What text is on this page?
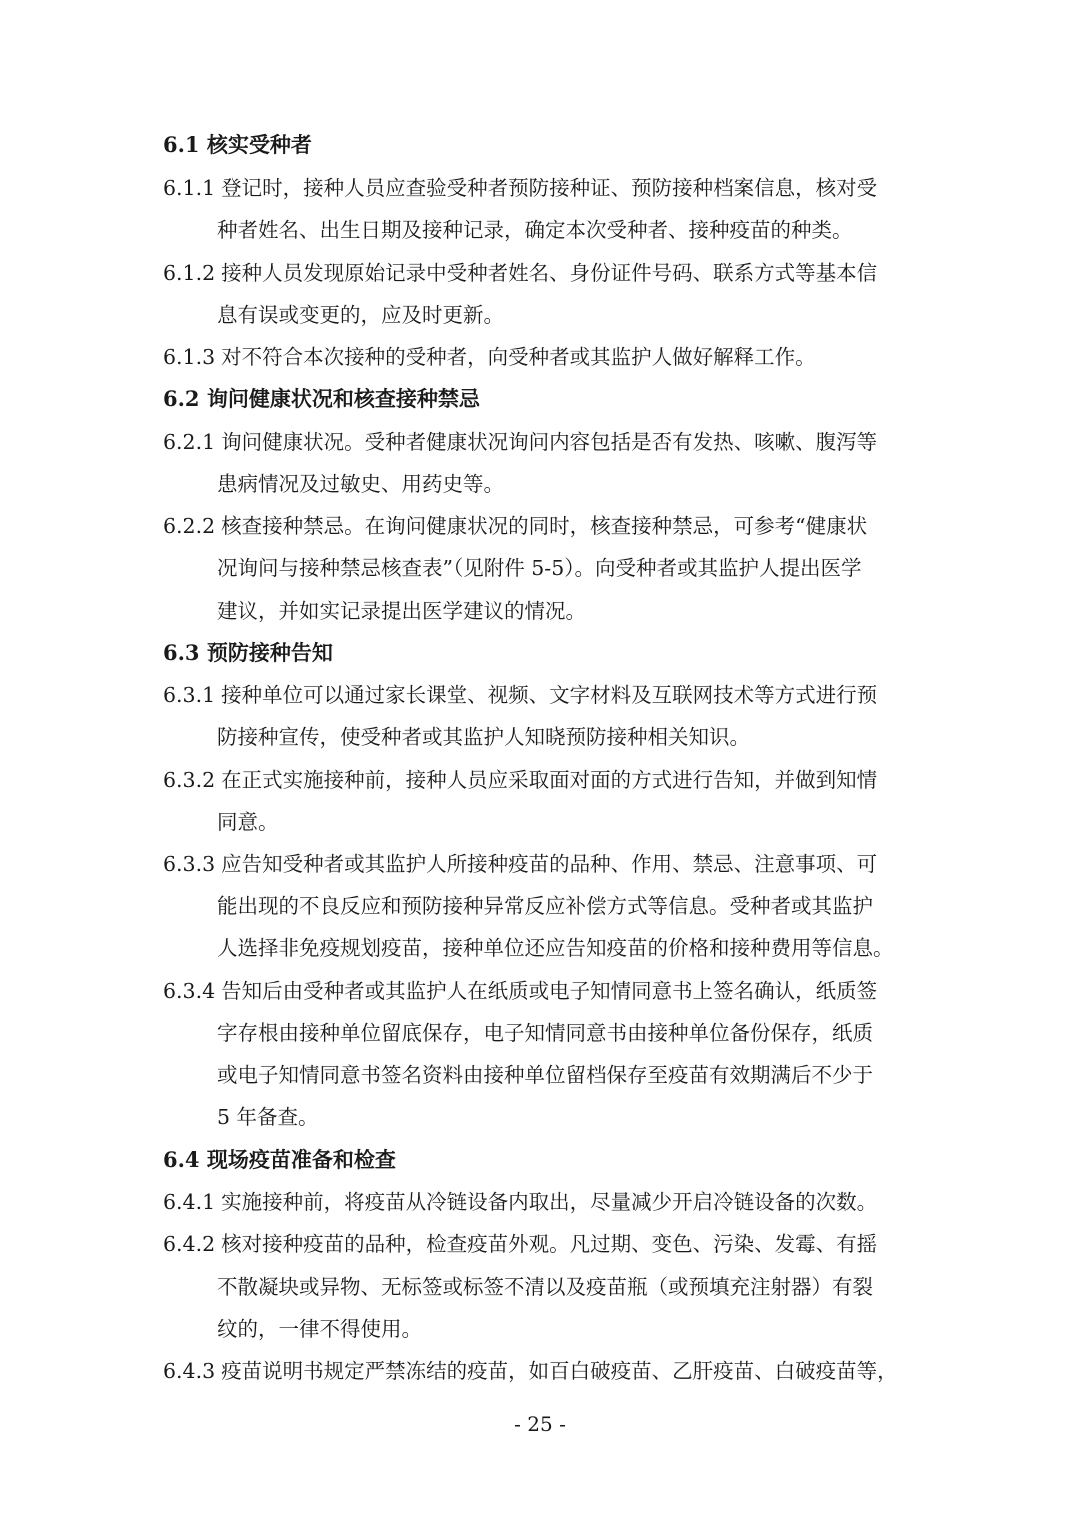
6.1 核实受种者
6.1.1 登记时，接种人员应查验受种者预防接种证、预防接种档案信息，核对受
种者姓名、出生日期及接种记录，确定本次受种者、接种疫苗的种类。
6.1.2 接种人员发现原始记录中受种者姓名、身份证件号码、联系方式等基本信
息有误或变更的，应及时更新。
6.1.3 对不符合本次接种的受种者，向受种者或其监护人做好解释工作。
6.2 询问健康状况和核查接种禁忌
6.2.1 询问健康状况。受种者健康状况询问内容包括是否有发热、咳嗽、腹泻等
患病情况及过敏史、用药史等。
6.2.2 核查接种禁忌。在询问健康状况的同时，核查接种禁忌，可参考“健康状
况询问与接种禁忌核查表”（见附件 5-5）。向受种者或其监护人提出医学
建议，并如实记录提出医学建议的情况。
6.3 预防接种告知
6.3.1 接种单位可以通过家长课堂、视频、文字材料及互联网技术等方式进行预
防接种宣传，使受种者或其监护人知晓预防接种相关知识。
6.3.2 在正式实施接种前，接种人员应采取面对面的方式进行告知，并做到知情
同意。
6.3.3 应告知受种者或其监护人所接种疫苗的品种、作用、禁忌、注意事项、可
能出现的不良反应和预防接种异常反应补偿方式等信息。受种者或其监护
人选择非免疫规划疫苗，接种单位还应告知疫苗的价格和接种费用等信息。
6.3.4 告知后由受种者或其监护人在纸质或电子知情同意书上签名确认，纸质签
字存根由接种单位留底保存，电子知情同意书由接种单位备份保存，纸质
或电子知情同意书签名资料由接种单位留档保存至疫苗有效期满后不少于
5 年备查。
6.4 现场疫苗准备和检查
6.4.1 实施接种前，将疫苗从冷链设备内取出，尽量减少开启冷链设备的次数。
6.4.2 核对接种疫苗的品种，检查疫苗外观。凡过期、变色、污染、发霉、有摇
不散凝块或异物、无标签或标签不清以及疫苗瓶（或预填充注射器）有裂
纹的，一律不得使用。
6.4.3 疫苗说明书规定严禁冻结的疫苗，如百白破疫苗、乙肝疫苗、白破疫苗等，
- 25 -
